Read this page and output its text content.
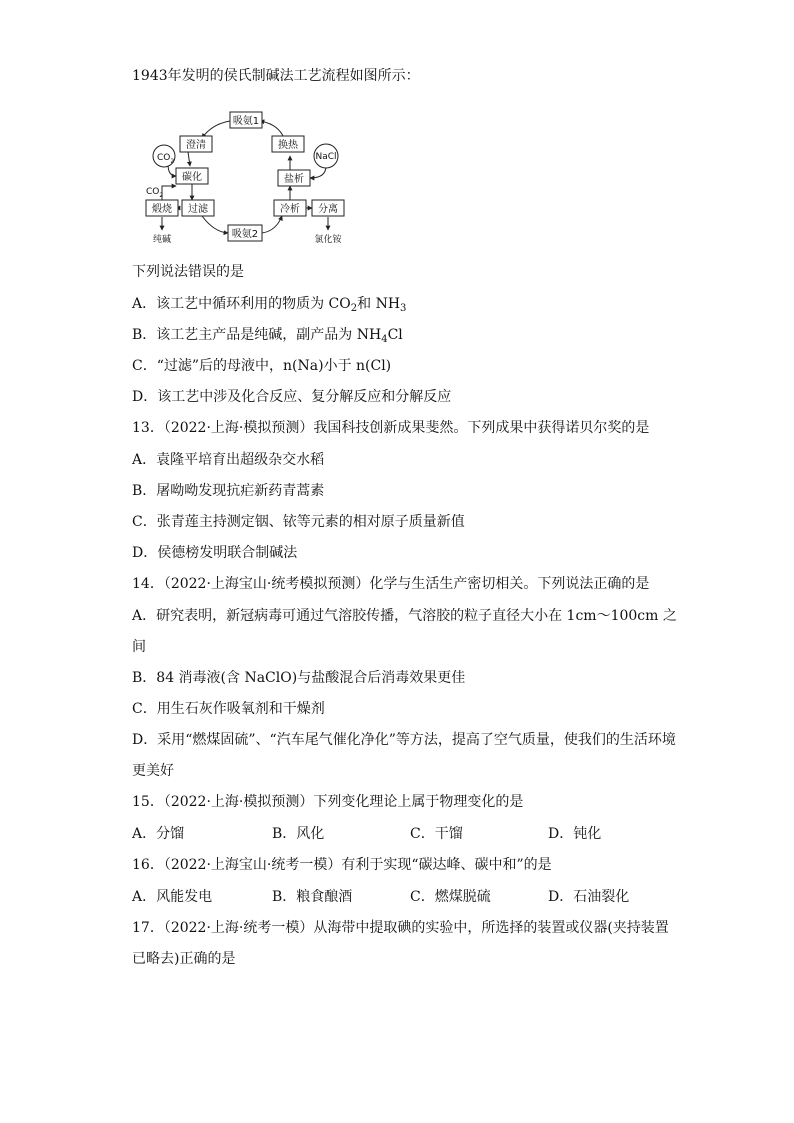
1943年发明的侯氏制碱法工艺流程如图所示：
吸氨1
澄清	换热
碳化	盐析
煅烧 过滤	冷析 分离
吸氨2
$CO_2$	NaCl
$CO_2$
纯碱	氯化铵
下列说法错误的是
A．该工艺中循环利用的物质为 $CO_2$和 $NH_3$
B．该工艺主产品是纯碱，副产品为 $NH_4Cl$
C．“过滤”后的母液中，n(Na)小于 n(Cl)
D．该工艺中涉及化合反应、复分解反应和分解反应
13．（2022·上海·模拟预测）我国科技创新成果斐然。下列成果中获得诺贝尔奖的是
A．袁隆平培育出超级杂交水稻
B．屠呦呦发现抗疟新药青蒿素
C．张青莲主持测定铟、铱等元素的相对原子质量新值
D．侯德榜发明联合制碱法
14．（2022·上海宝山·统考模拟预测）化学与生活生产密切相关。下列说法正确的是
A．研究表明，新冠病毒可通过气溶胶传播，气溶胶的粒子直径大小在 1cm～100cm 之
间
B．84 消毒液(含 NaClO)与盐酸混合后消毒效果更佳
C．用生石灰作吸氧剂和干燥剂
D．采用“燃煤固硫”、“汽车尾气催化净化”等方法，提高了空气质量，使我们的生活环境
更美好
15．（2022·上海·模拟预测）下列变化理论上属于物理变化的是
A．分馏	B．风化	C．干馏	D．钝化
16．（2022·上海宝山·统考一模）有利于实现“碳达峰、碳中和”的是
A．风能发电	B．粮食酿酒	C．燃煤脱硫	D．石油裂化
17．（2022·上海·统考一模）从海带中提取碘的实验中，所选择的装置或仪器(夹持装置
已略去)正确的是
